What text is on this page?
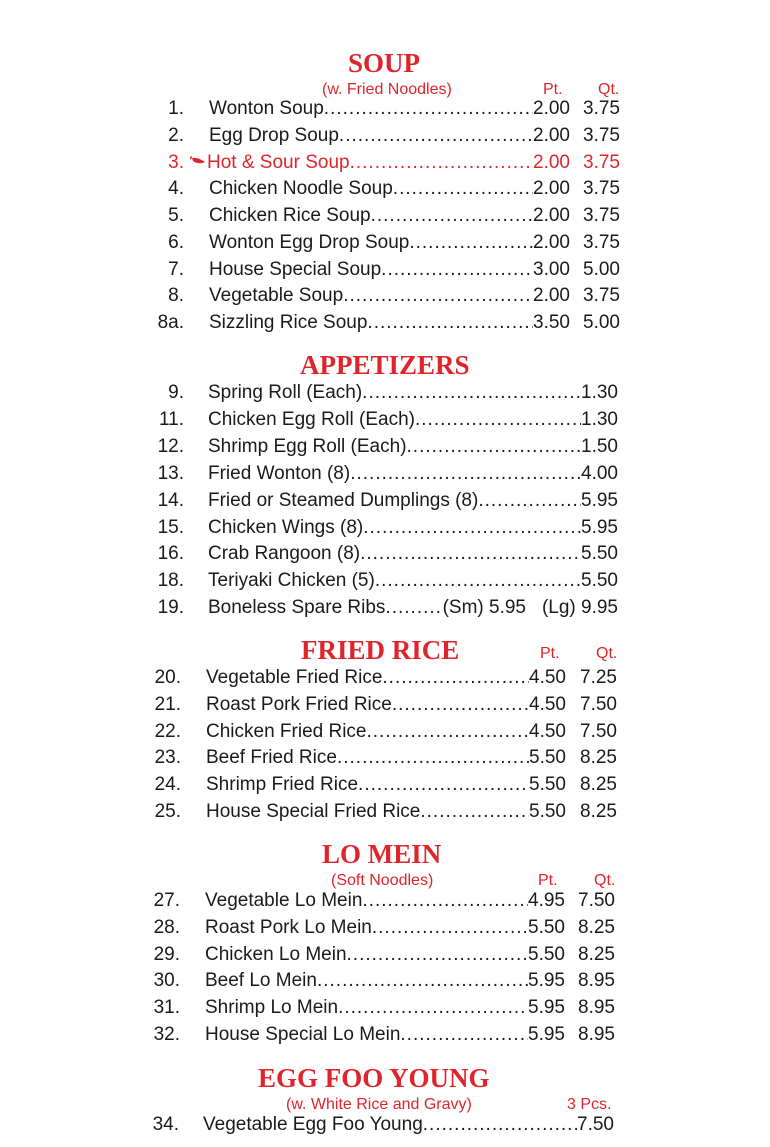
SOUP
(w. Fried Noodles)	Pt. Qt.
1. Wonton Soup .....	2.00 3.75
2. Egg Drop Soup .....	2.00 3.75
3. Hot & Sour Soup .....	2.00 3.75
4. Chicken Noodle Soup .....	2.00 3.75
5. Chicken Rice Soup .....	2.00 3.75
6. Wonton Egg Drop Soup .....	2.00 3.75
7. House Special Soup .....	3.00 5.00
8. Vegetable Soup .....	2.00 3.75
8a. Sizzling Rice Soup .....	3.50 5.00
APPETIZERS
9. Spring Roll (Each) .....	1.30
11. Chicken Egg Roll (Each) .....	1.30
12. Shrimp Egg Roll (Each) .....	1.50
13. Fried Wonton (8) .....	4.00
14. Fried or Steamed Dumplings (8) .....	5.95
15. Chicken Wings (8) .....	5.95
16. Crab Rangoon (8) .....	5.50
18. Teriyaki Chicken (5) .....	5.50
19. Boneless Spare Ribs .....	(Sm) 5.95 (Lg) 9.95
FRIED RICE	Pt. Qt.
20. Vegetable Fried Rice .....	4.50 7.25
21. Roast Pork Fried Rice .....	4.50 7.50
22. Chicken Fried Rice .....	4.50 7.50
23. Beef Fried Rice .....	5.50 8.25
24. Shrimp Fried Rice .....	5.50 8.25
25. House Special Fried Rice .....	5.50 8.25
LO MEIN
(Soft Noodles)	Pt. Qt.
27. Vegetable Lo Mein .....	4.95 7.50
28. Roast Pork Lo Mein .....	5.50 8.25
29. Chicken Lo Mein .....	5.50 8.25
30. Beef Lo Mein .....	5.95 8.95
31. Shrimp Lo Mein .....	5.95 8.95
32. House Special Lo Mein .....	5.95 8.95
EGG FOO YOUNG
(w. White Rice and Gravy)	3 Pcs.
34. Vegetable Egg Foo Young .....	7.50
